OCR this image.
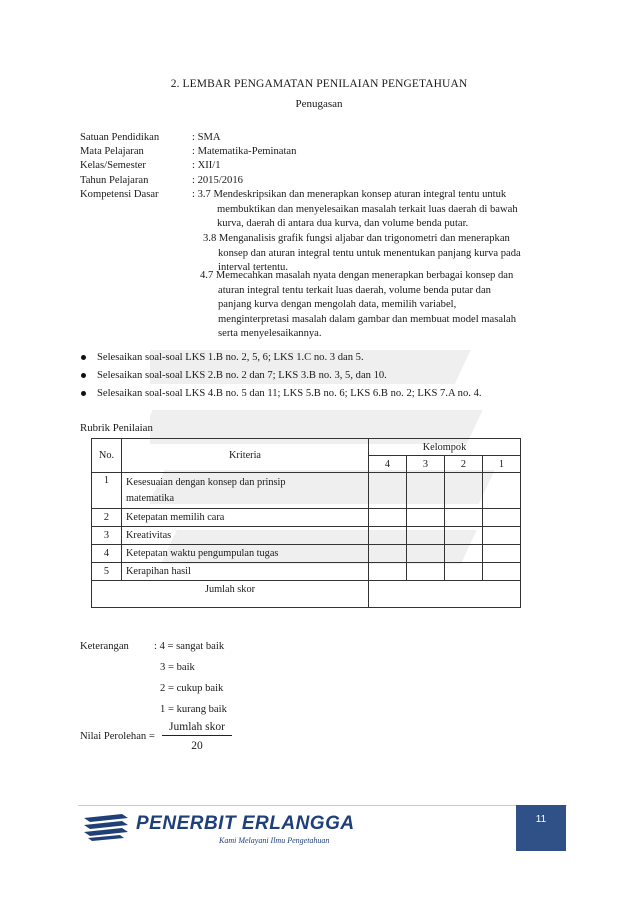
2. LEMBAR PENGAMATAN PENILAIAN PENGETAHUAN
Penugasan
Satuan Pendidikan	: SMA
Mata Pelajaran	: Matematika-Peminatan
Kelas/Semester	: XII/1
Tahun Pelajaran	: 2015/2016
Kompetensi Dasar	: 3.7 Mendeskripsikan dan menerapkan konsep aturan integral tentu untuk
membuktikan dan menyelesaikan masalah terkait luas daerah di bawah
kurva, daerah di antara dua kurva, dan volume benda putar.
3.8 Menganalisis grafik fungsi aljabar dan trigonometri dan menerapkan
konsep dan aturan integral tentu untuk menentukan panjang kurva pada
interval tertentu.
4.7 Memecahkan masalah nyata dengan menerapkan berbagai konsep dan
aturan integral tentu terkait luas daerah, volume benda putar dan
panjang kurva dengan mengolah data, memilih variabel,
menginterpretasi masalah dalam gambar dan membuat model masalah
serta menyelesaikannya.
Selesaikan soal-soal LKS 1.B no. 2, 5, 6; LKS 1.C no. 3 dan 5.
Selesaikan soal-soal LKS 2.B no. 2 dan 7; LKS 3.B no. 3, 5, dan 10.
Selesaikan soal-soal LKS 4.B no. 5 dan 11; LKS 5.B no. 6; LKS 6.B no. 2; LKS 7.A no. 4.
Rubrik Penilaian
No.	Kriteria	Kelompok			
		4	3	2	1
1	Kesesuaian dengan konsep dan prinsip
matematika				

2	Ketepatan memilih cara				
3	Kreativitas				
4	Ketepatan waktu pengumpulan tugas				
5	Kerapihan hasil				
Jumlah skor					
Keterangan : 4 = sangat baik
3 = baik
2 = cukup baik
1 = kurang baik
Nilai Perolehan =
Jumlah skor
20
11
PENERBIT ERLANGGA
Kami Melayani Ilmu Pengetahuan
